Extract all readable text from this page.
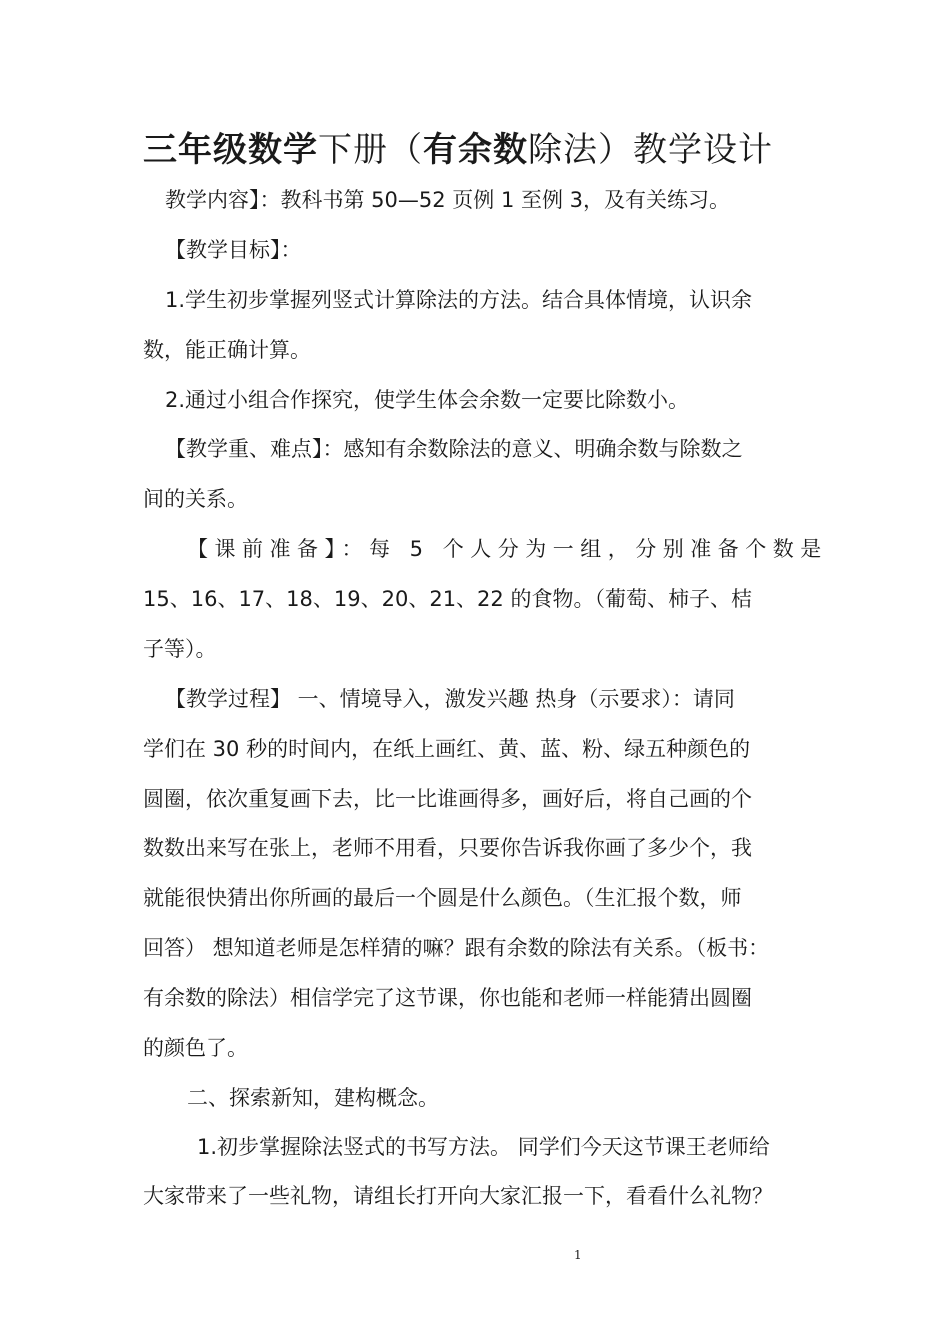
三年级数学下册（有余数除法）教学设计

教学内容】：教科书第 50—52 页例 1 至例 3，及有关练习。

【教学目标】：

1.学生初步掌握列竖式计算除法的方法。结合具体情境，认识余

数，能正确计算。

2.通过小组合作探究，使学生体会余数一定要比除数小。

【教学重、难点】：感知有余数除法的意义、明确余数与除数之

间的关系。

【课前准备】：每 5 个人分为一组，分别准备个数是

15、16、17、18、19、20、21、22 的食物。（葡萄、柿子、桔

子等）。

【教学过程】 一、情境导入，激发兴趣 热身（示要求）：请同

学们在 30 秒的时间内，在纸上画红、黄、蓝、粉、绿五种颜色的

圆圈，依次重复画下去，比一比谁画得多，画好后，将自己画的个

数数出来写在张上，老师不用看，只要你告诉我你画了多少个，我

就能很快猜出你所画的最后一个圆是什么颜色。（生汇报个数，师

回答） 想知道老师是怎样猜的嘛？跟有余数的除法有关系。（板书：

有余数的除法）相信学完了这节课，你也能和老师一样能猜出圆圈

的颜色了。

二、探索新知，建构概念。

1.初步掌握除法竖式的书写方法。 同学们今天这节课王老师给

大家带来了一些礼物，请组长打开向大家汇报一下，看看什么礼物？

1
